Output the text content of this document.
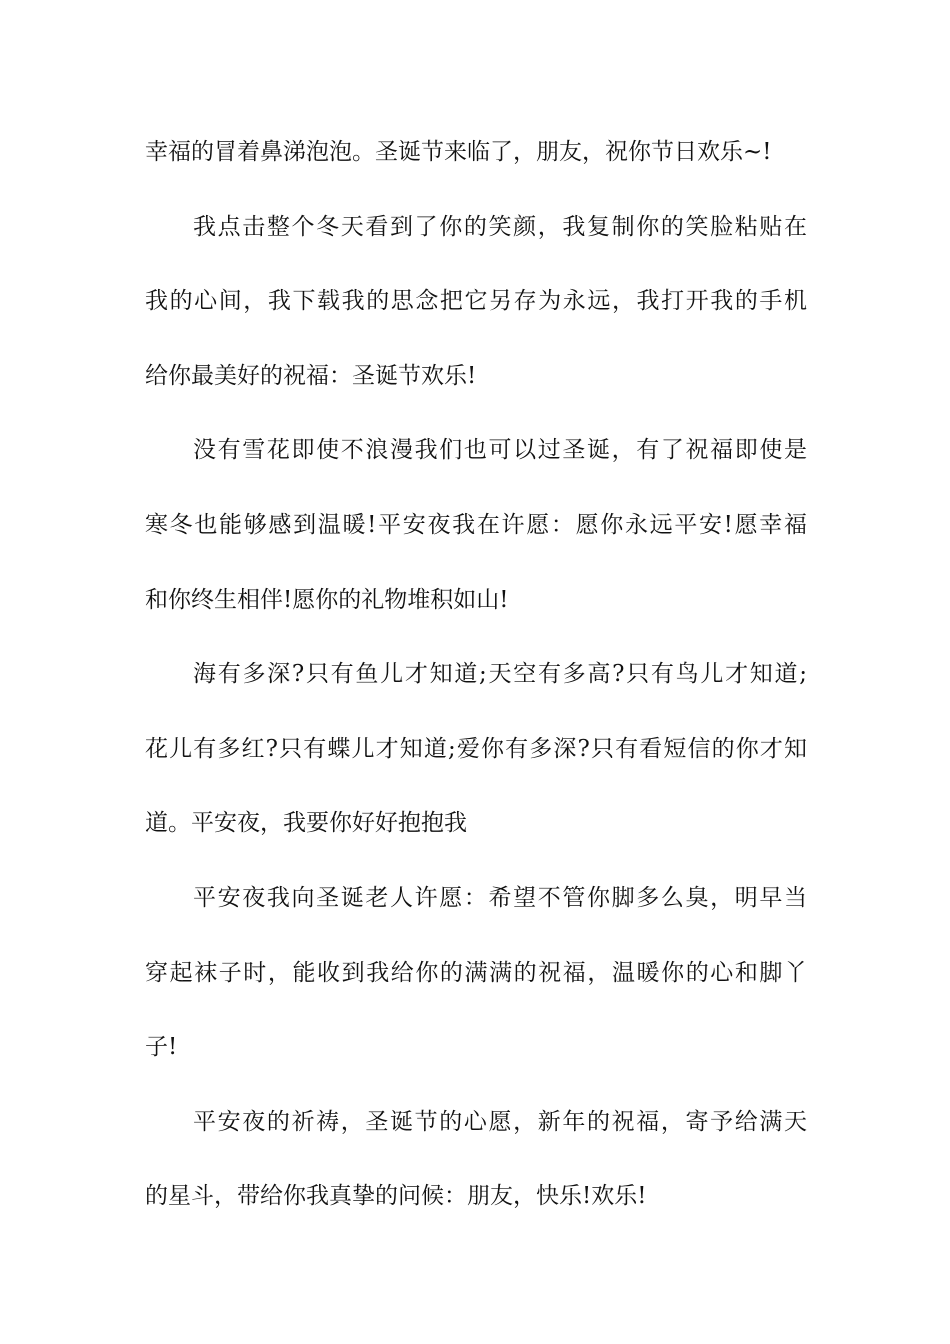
幸福的冒着鼻涕泡泡。圣诞节来临了，朋友，祝你节日欢乐~!
我点击整个冬天看到了你的笑颜，我复制你的笑脸粘贴在
我的心间，我下载我的思念把它另存为永远，我打开我的手机
给你最美好的祝福：圣诞节欢乐!
没有雪花即使不浪漫我们也可以过圣诞，有了祝福即使是
寒冬也能够感到温暖!平安夜我在许愿：愿你永远平安!愿幸福
和你终生相伴!愿你的礼物堆积如山!
海有多深?只有鱼儿才知道;天空有多高?只有鸟儿才知道;
花儿有多红?只有蝶儿才知道;爱你有多深?只有看短信的你才知
道。平安夜，我要你好好抱抱我
平安夜我向圣诞老人许愿：希望不管你脚多么臭，明早当
穿起袜子时，能收到我给你的满满的祝福，温暖你的心和脚丫
子!
平安夜的祈祷，圣诞节的心愿，新年的祝福，寄予给满天
的星斗，带给你我真挚的问候：朋友，快乐!欢乐!
